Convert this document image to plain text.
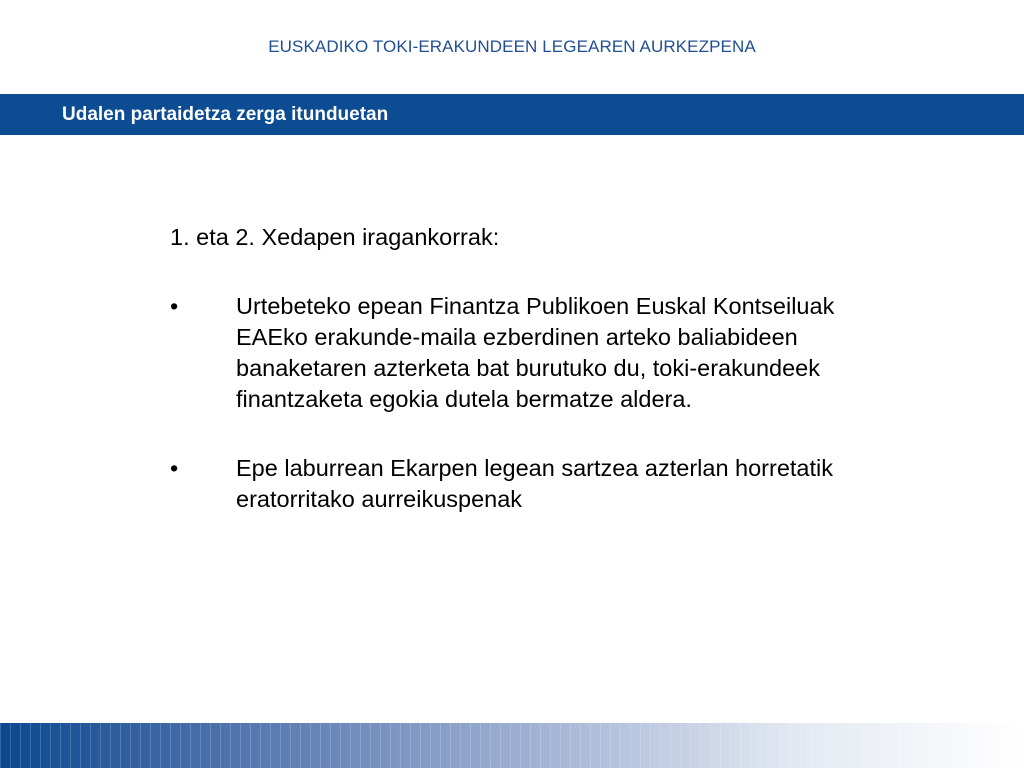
EUSKADIKO TOKI-ERAKUNDEEN LEGEAREN AURKEZPENA
Udalen partaidetza zerga itunduetan

1. eta 2. Xedapen iragankorrak:

•	Urtebeteko epean Finantza Publikoen Euskal Kontseiluak EAEko erakunde-maila ezberdinen arteko baliabideen banaketaren azterketa bat burutuko du, toki-erakundeek finantzaketa egokia dutela bermatze aldera.
•	Epe laburrean Ekarpen legean sartzea azterlan horretatik eratorritako aurreikuspenak
